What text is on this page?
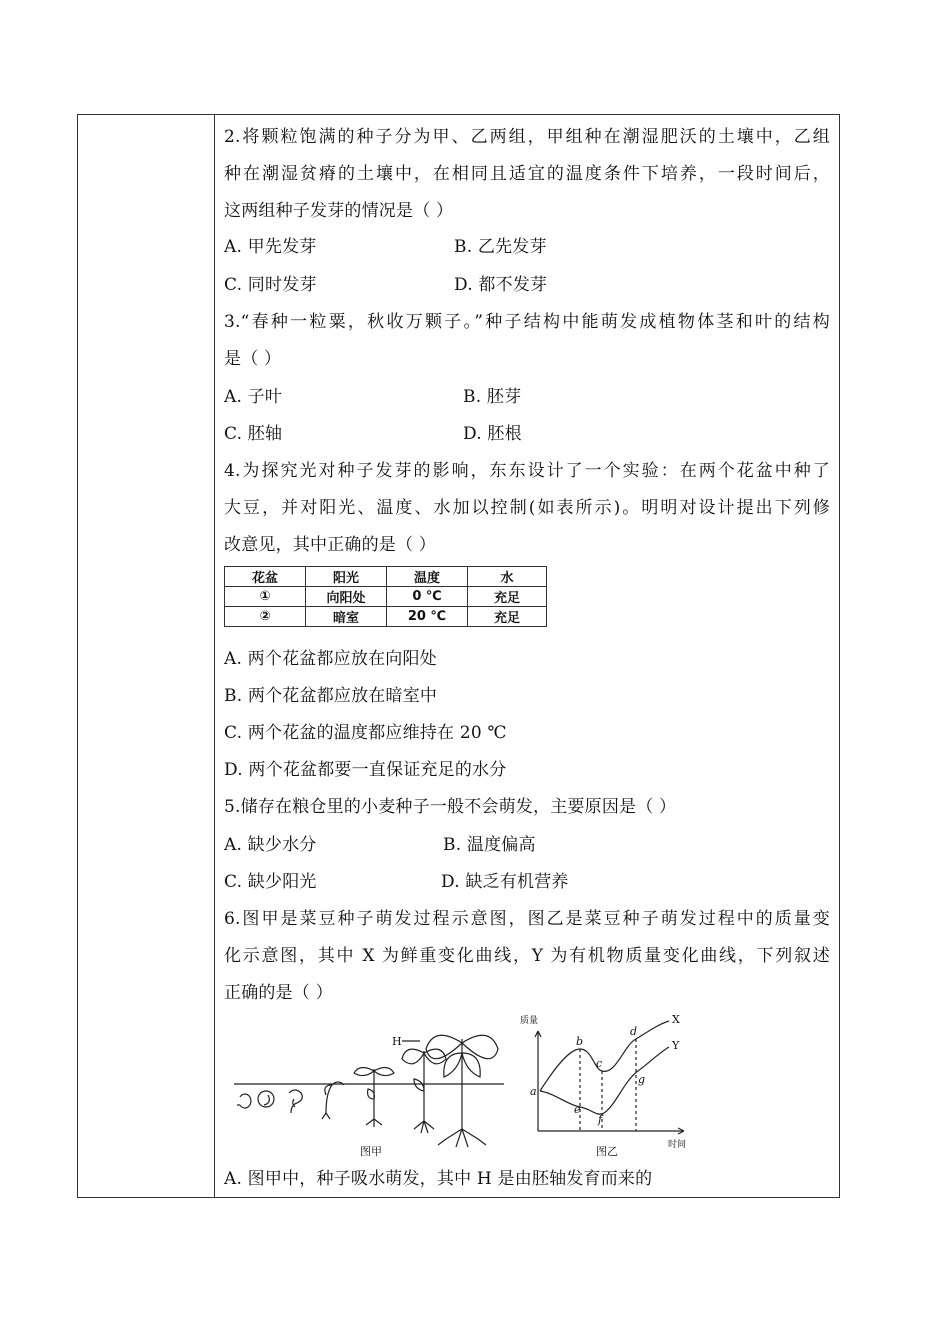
2.将颗粒饱满的种子分为甲、乙两组，甲组种在潮湿肥沃的土壤中，乙组
种在潮湿贫瘠的土壤中，在相同且适宜的温度条件下培养，一段时间后，
这两组种子发芽的情况是（ ）
A. 甲先发芽	B. 乙先发芽
C. 同时发芽	D. 都不发芽
3.“春种一粒粟，秋收万颗子。”种子结构中能萌发成植物体茎和叶的结构
是（ ）
A. 子叶	B. 胚芽
C. 胚轴	D. 胚根
4.为探究光对种子发芽的影响，东东设计了一个实验：在两个花盆中种了
大豆，并对阳光、温度、水加以控制(如表所示)。明明对设计提出下列修
改意见，其中正确的是（ ）
花盆	阳光	温度	水
①	向阳处	0 ℃	充足
②	暗室	20 ℃	充足
A. 两个花盆都应放在向阳处
B. 两个花盆都应放在暗室中
C. 两个花盆的温度都应维持在 20 ℃
D. 两个花盆都要一直保证充足的水分
5.储存在粮仓里的小麦种子一般不会萌发，主要原因是（ ）
A. 缺少水分	B. 温度偏高
C. 缺少阳光	D. 缺乏有机营养
6.图甲是菜豆种子萌发过程示意图，图乙是菜豆种子萌发过程中的质量变
化示意图，其中 X 为鲜重变化曲线，Y 为有机物质量变化曲线，下列叙述
正确的是（ ）
H
图甲
质量
时间
X
Y
a
b
c
d
e
f
g
图乙
A. 图甲中，种子吸水萌发，其中 H 是由胚轴发育而来的
